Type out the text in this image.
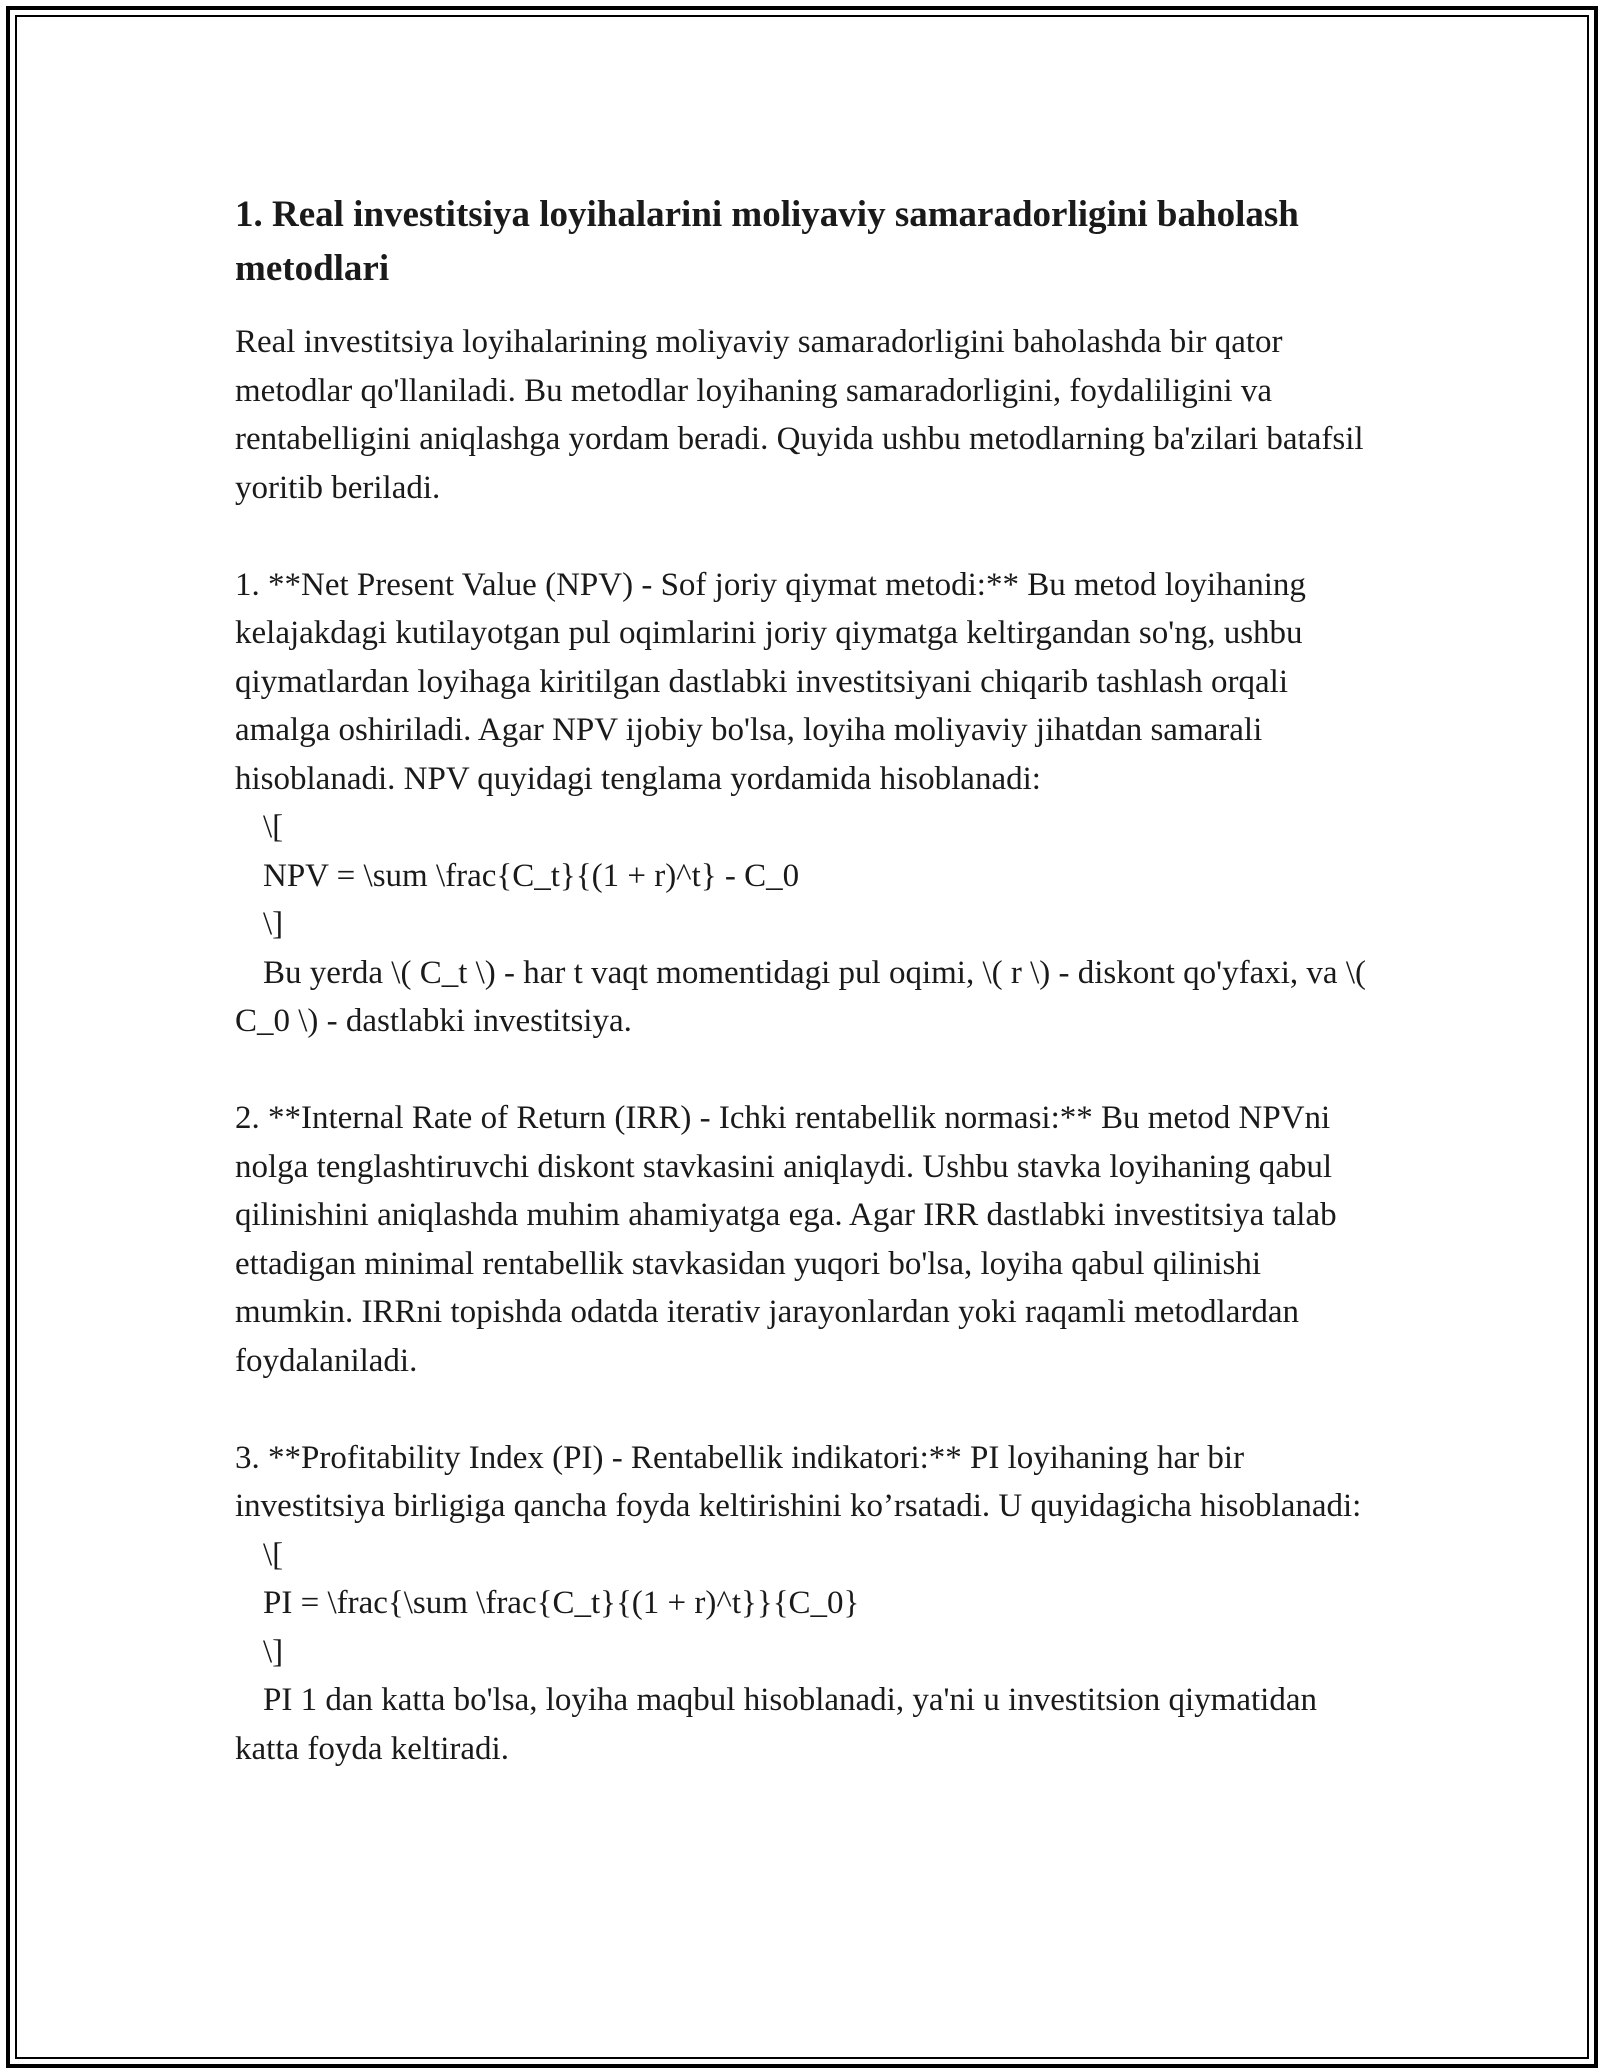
1. Real investitsiya loyihalarini moliyaviy samaradorligini baholash metodlari

Real investitsiya loyihalarining moliyaviy samaradorligini baholashda bir qator metodlar qo'llaniladi. Bu metodlar loyihaning samaradorligini, foydaliligini va rentabelligini aniqlashga yordam beradi. Quyida ushbu metodlarning ba'zilari batafsil yoritib beriladi.

1. **Net Present Value (NPV) - Sof joriy qiymat metodi:** Bu metod loyihaning kelajakdagi kutilayotgan pul oqimlarini joriy qiymatga keltirgandan so'ng, ushbu qiymatlardan loyihaga kiritilgan dastlabki investitsiyani chiqarib tashlash orqali amalga oshiriladi. Agar NPV ijobiy bo'lsa, loyiha moliyaviy jihatdan samarali hisoblanadi. NPV quyidagi tenglama yordamida hisoblanadi:

\[
NPV = \sum \frac{C_t}{(1 + r)^t} - C_0
\]

Bu yerda \( C_t \) - har t vaqt momentidagi pul oqimi, \( r \) - diskont qo'yfaxi, va \( C_0 \) - dastlabki investitsiya.

2. **Internal Rate of Return (IRR) - Ichki rentabellik normasi:** Bu metod NPVni nolga tenglashtiruvchi diskont stavkasini aniqlaydi. Ushbu stavka loyihaning qabul qilinishini aniqlashda muhim ahamiyatga ega. Agar IRR dastlabki investitsiya talab ettadigan minimal rentabellik stavkasidan yuqori bo'lsa, loyiha qabul qilinishi mumkin. IRRni topishda odatda iterativ jarayonlardan yoki raqamli metodlardan foydalaniladi.

3. **Profitability Index (PI) - Rentabellik indikatori:** PI loyihaning har bir investitsiya birligiga qancha foyda keltirishini ko’rsatadi. U quyidagicha hisoblanadi:

\[
PI = \frac{\sum \frac{C_t}{(1 + r)^t}}{C_0}
\]

PI 1 dan katta bo'lsa, loyiha maqbul hisoblanadi, ya'ni u investitsion qiymatidan katta foyda keltiradi.
